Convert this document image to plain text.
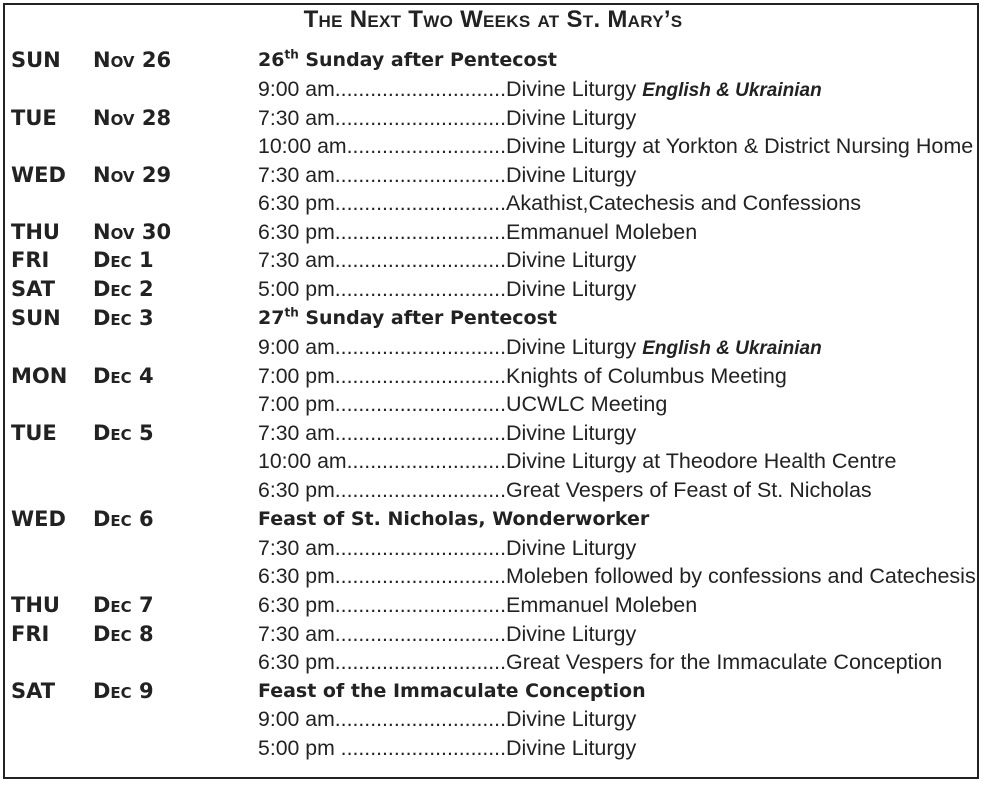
The Next Two Weeks at St. Mary’s
SUN Nov 26	26th Sunday after Pentecost
9:00 am............................. Divine Liturgy English & Ukrainian
TUE Nov 28	7:30 am............................. Divine Liturgy
10:00 am........................... Divine Liturgy at Yorkton & District Nursing Home
WED Nov 29	7:30 am............................. Divine Liturgy
6:30 pm............................. Akathist,Catechesis and Confessions
THU Nov 30	6:30 pm............................. Emmanuel Moleben
FRI Dec 1	7:30 am............................. Divine Liturgy
SAT Dec 2	5:00 pm............................. Divine Liturgy
SUN Dec 3	27th Sunday after Pentecost
9:00 am............................. Divine Liturgy English & Ukrainian
MON Dec 4	7:00 pm............................. Knights of Columbus Meeting
7:00 pm............................. UCWLC Meeting
TUE Dec 5	7:30 am............................. Divine Liturgy
10:00 am........................... Divine Liturgy at Theodore Health Centre
6:30 pm............................. Great Vespers of Feast of St. Nicholas
WED Dec 6	Feast of St. Nicholas, Wonderworker
7:30 am............................. Divine Liturgy
6:30 pm............................. Moleben followed by confessions and Catechesis
THU Dec 7	6:30 pm............................. Emmanuel Moleben
FRI Dec 8	7:30 am............................. Divine Liturgy
6:30 pm............................. Great Vespers for the Immaculate Conception
SAT Dec 9	Feast of the Immaculate Conception
9:00 am............................. Divine Liturgy
5:00 pm ............................ Divine Liturgy
